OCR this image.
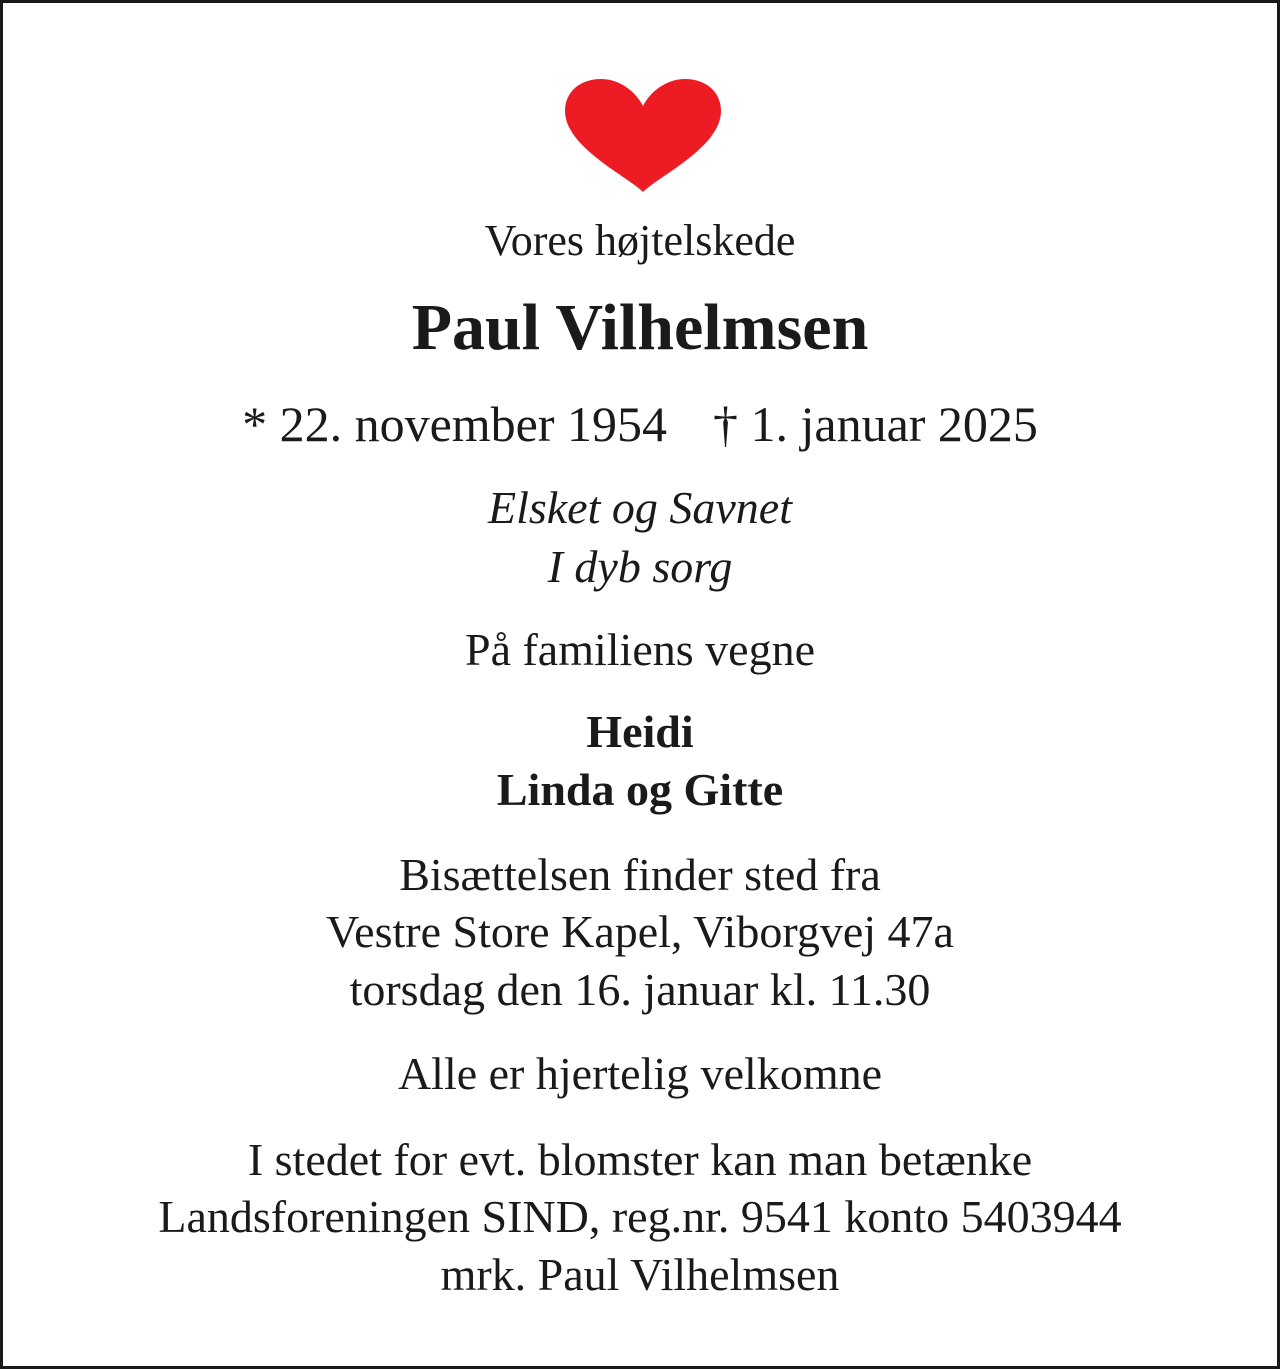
Vores højtelskede
Paul Vilhelmsen
* 22. november 1954 † 1. januar 2025
Elsket og Savnet
I dyb sorg
På familiens vegne
Heidi
Linda og Gitte
Bisættelsen finder sted fra
Vestre Store Kapel, Viborgvej 47a
torsdag den 16. januar kl. 11.30
Alle er hjertelig velkomne
I stedet for evt. blomster kan man betænke
Landsforeningen SIND, reg.nr. 9541 konto 5403944
mrk. Paul Vilhelmsen
